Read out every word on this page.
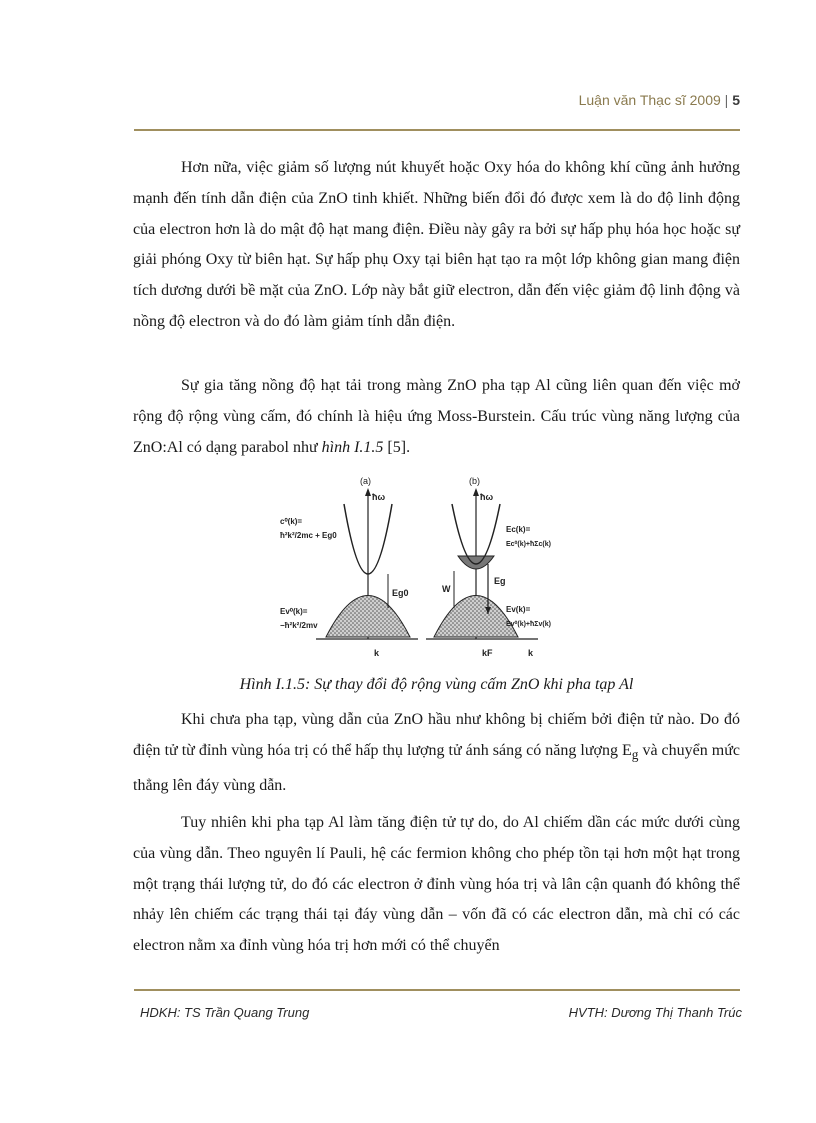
Luận văn Thạc sĩ 2009 | 5

Hơn nữa, việc giảm số lượng nút khuyết hoặc Oxy hóa do không khí cũng ảnh hưởng mạnh đến tính dẫn điện của ZnO tinh khiết. Những biến đổi đó được xem là do độ linh động của electron hơn là do mật độ hạt mang điện. Điều này gây ra bởi sự hấp phụ hóa học hoặc sự giải phóng Oxy từ biên hạt. Sự hấp phụ Oxy tại biên hạt tạo ra một lớp không gian mang điện tích dương dưới bề mặt của ZnO. Lớp này bắt giữ electron, dẫn đến việc giảm độ linh động và nồng độ electron và do đó làm giảm tính dẫn điện.

Sự gia tăng nồng độ hạt tải trong màng ZnO pha tạp Al cũng liên quan đến việc mở rộng độ rộng vùng cấm, đó chính là hiệu ứng Moss-Burstein. Cấu trúc vùng năng lượng của ZnO:Al có dạng parabol như hình I.1.5 [5].

(a)
ħω
Eg0
k
c⁰(k)=
ħ²k²/2mc + Eg0
Ev⁰(k)=
−ħ²k²/2mv
(b)
ħω
W
Eg
k
kF
Ec(k)=
Ec⁰(k)+ħΣc(k)
Ev(k)=
Ev⁰(k)+ħΣv(k)
Hình I.1.5: Sự thay đổi độ rộng vùng cấm ZnO khi pha tạp Al

Khi chưa pha tạp, vùng dẫn của ZnO hầu như không bị chiếm bởi điện tử nào. Do đó điện tử từ đỉnh vùng hóa trị có thể hấp thụ lượng tử ánh sáng có năng lượng $E_g$ và chuyển mức thẳng lên đáy vùng dẫn.

Tuy nhiên khi pha tạp Al làm tăng điện tử tự do, do Al chiếm dần các mức dưới cùng của vùng dẫn. Theo nguyên lí Pauli, hệ các fermion không cho phép tồn tại hơn một hạt trong một trạng thái lượng tử, do đó các electron ở đỉnh vùng hóa trị và lân cận quanh đó không thể nhảy lên chiếm các trạng thái tại đáy vùng dẫn – vốn đã có các electron dẫn, mà chỉ có các electron nằm xa đỉnh vùng hóa trị hơn mới có thể chuyển

HDKH: TS Trần Quang Trung	HVTH: Dương Thị Thanh Trúc
